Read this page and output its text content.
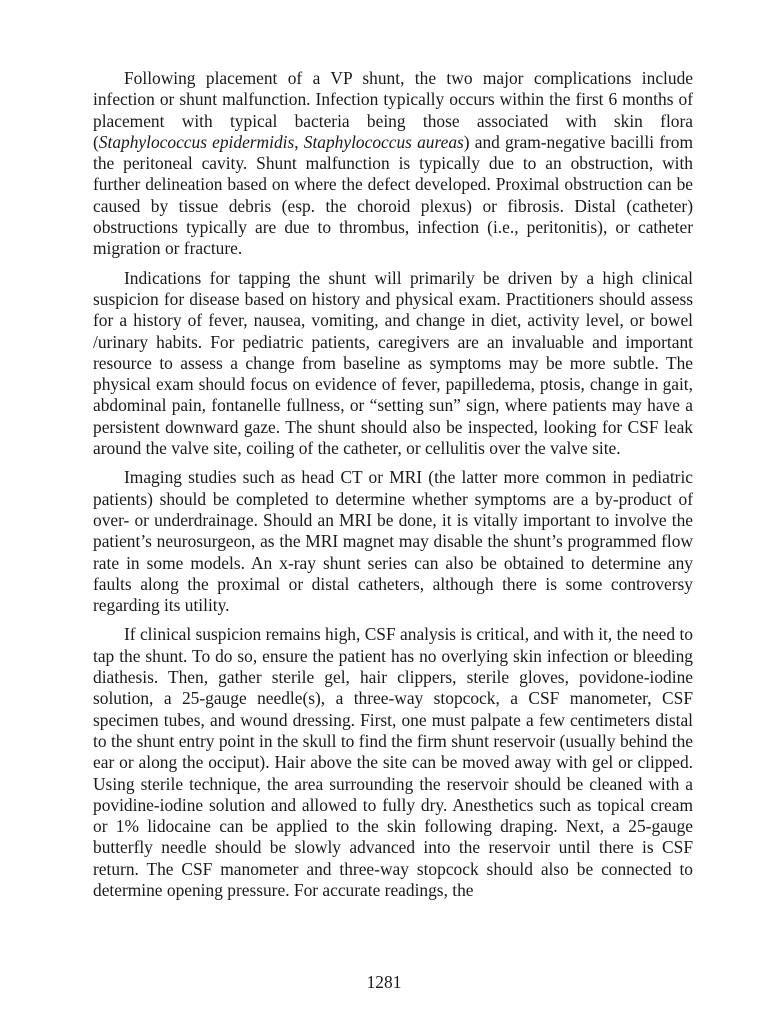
Following placement of a VP shunt, the two major complications include infection or shunt malfunction. Infection typically occurs within the first 6 months of placement with typical bacteria being those associated with skin flora (Staphylococcus epidermidis, Staphylococcus aureas) and gram-negative bacilli from the peritoneal cavity. Shunt malfunction is typically due to an obstruction, with further delineation based on where the defect developed. Proximal obstruction can be caused by tissue debris (esp. the choroid plexus) or fibrosis. Distal (catheter) obstructions typically are due to thrombus, infection (i.e., peritonitis), or catheter migration or fracture.

Indications for tapping the shunt will primarily be driven by a high clinical suspicion for disease based on history and physical exam. Practitioners should assess for a history of fever, nausea, vomiting, and change in diet, activity level, or bowel /urinary habits. For pediatric patients, caregivers are an invaluable and important resource to assess a change from baseline as symptoms may be more subtle. The physical exam should focus on evidence of fever, papilledema, ptosis, change in gait, abdominal pain, fontanelle fullness, or “setting sun” sign, where patients may have a persistent downward gaze. The shunt should also be inspected, looking for CSF leak around the valve site, coiling of the catheter, or cellulitis over the valve site.

Imaging studies such as head CT or MRI (the latter more common in pediatric patients) should be completed to determine whether symptoms are a by-product of over- or underdrainage. Should an MRI be done, it is vitally important to involve the patient’s neurosurgeon, as the MRI magnet may disable the shunt’s programmed flow rate in some models. An x-ray shunt series can also be obtained to determine any faults along the proximal or distal catheters, although there is some controversy regarding its utility.

If clinical suspicion remains high, CSF analysis is critical, and with it, the need to tap the shunt. To do so, ensure the patient has no overlying skin infection or bleeding diathesis. Then, gather sterile gel, hair clippers, sterile gloves, povidone-iodine solution, a 25-gauge needle(s), a three-way stopcock, a CSF manometer, CSF specimen tubes, and wound dressing. First, one must palpate a few centimeters distal to the shunt entry point in the skull to find the firm shunt reservoir (usually behind the ear or along the occiput). Hair above the site can be moved away with gel or clipped. Using sterile technique, the area surrounding the reservoir should be cleaned with a povidine-iodine solution and allowed to fully dry. Anesthetics such as topical cream or 1% lidocaine can be applied to the skin following draping. Next, a 25-gauge butterfly needle should be slowly advanced into the reservoir until there is CSF return. The CSF manometer and three-way stopcock should also be connected to determine opening pressure. For accurate readings, the

1281
